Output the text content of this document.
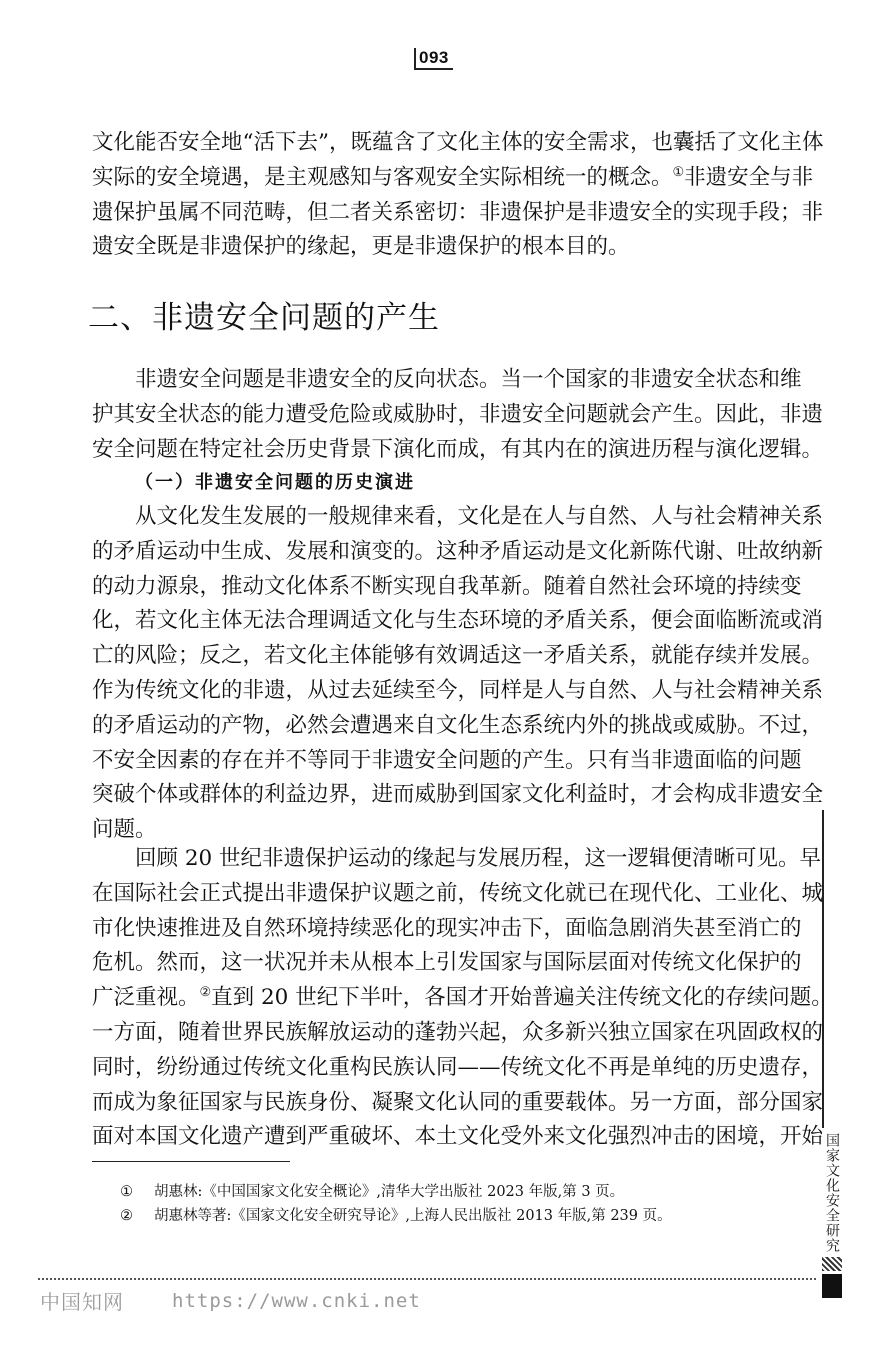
093

文化能否安全地“活下去”，既蕴含了文化主体的安全需求，也囊括了文化主体
实际的安全境遇，是主观感知与客观安全实际相统一的概念。①非遗安全与非
遗保护虽属不同范畴，但二者关系密切：非遗保护是非遗安全的实现手段；非
遗安全既是非遗保护的缘起，更是非遗保护的根本目的。

二、非遗安全问题的产生

非遗安全问题是非遗安全的反向状态。当一个国家的非遗安全状态和维
护其安全状态的能力遭受危险或威胁时，非遗安全问题就会产生。因此，非遗
安全问题在特定社会历史背景下演化而成，有其内在的演进历程与演化逻辑。

（一）非遗安全问题的历史演进

从文化发生发展的一般规律来看，文化是在人与自然、人与社会精神关系
的矛盾运动中生成、发展和演变的。这种矛盾运动是文化新陈代谢、吐故纳新
的动力源泉，推动文化体系不断实现自我革新。随着自然社会环境的持续变
化，若文化主体无法合理调适文化与生态环境的矛盾关系，便会面临断流或消
亡的风险；反之，若文化主体能够有效调适这一矛盾关系，就能存续并发展。
作为传统文化的非遗，从过去延续至今，同样是人与自然、人与社会精神关系
的矛盾运动的产物，必然会遭遇来自文化生态系统内外的挑战或威胁。不过，
不安全因素的存在并不等同于非遗安全问题的产生。只有当非遗面临的问题
突破个体或群体的利益边界，进而威胁到国家文化利益时，才会构成非遗安全
问题。

回顾 20 世纪非遗保护运动的缘起与发展历程，这一逻辑便清晰可见。早
在国际社会正式提出非遗保护议题之前，传统文化就已在现代化、工业化、城
市化快速推进及自然环境持续恶化的现实冲击下，面临急剧消失甚至消亡的
危机。然而，这一状况并未从根本上引发国家与国际层面对传统文化保护的
广泛重视。②直到 20 世纪下半叶，各国才开始普遍关注传统文化的存续问题。
一方面，随着世界民族解放运动的蓬勃兴起，众多新兴独立国家在巩固政权的
同时，纷纷通过传统文化重构民族认同——传统文化不再是单纯的历史遗存，
而成为象征国家与民族身份、凝聚文化认同的重要载体。另一方面，部分国家
面对本国文化遗产遭到严重破坏、本土文化受外来文化强烈冲击的困境，开始

① 胡惠林:《中国国家文化安全概论》,清华大学出版社 2023 年版,第 3 页。
② 胡惠林等著:《国家文化安全研究导论》,上海人民出版社 2013 年版,第 239 页。	国家文化安全研究
中国知网	https://www.cnki.net
